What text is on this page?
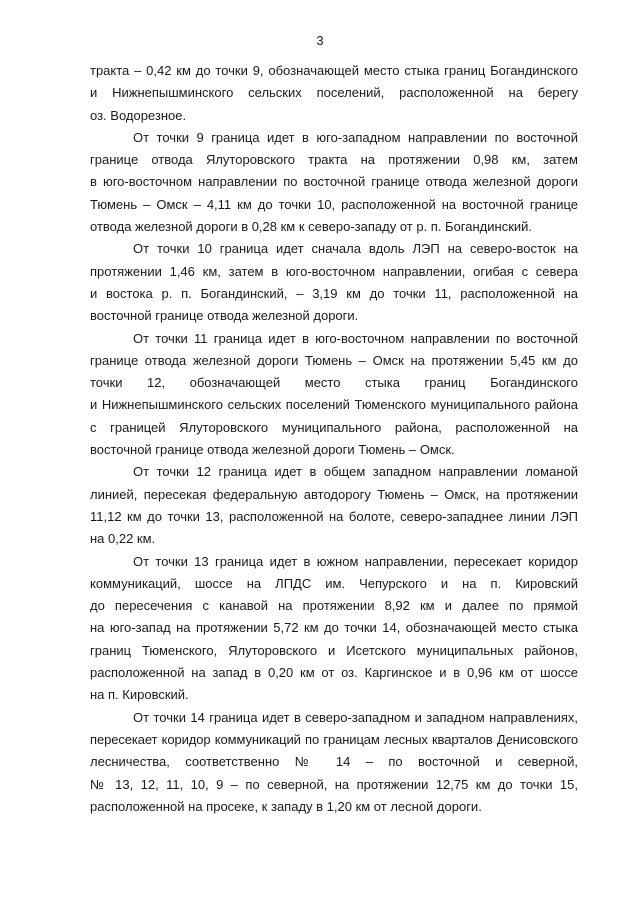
3
тракта – 0,42 км до точки 9, обозначающей место стыка границ Богандинского
и Нижнепышминского сельских поселений, расположенной на берегу
оз. Водорезное.
От точки 9 граница идет в юго-западном направлении по восточной
границе отвода Ялуторовского тракта на протяжении 0,98 км, затем
в юго-восточном направлении по восточной границе отвода железной дороги
Тюмень – Омск – 4,11 км до точки 10, расположенной на восточной границе
отвода железной дороги в 0,28 км к северо-западу от р. п. Богандинский.
От точки 10 граница идет сначала вдоль ЛЭП на северо-восток на
протяжении 1,46 км, затем в юго-восточном направлении, огибая с севера
и востока р. п. Богандинский, – 3,19 км до точки 11, расположенной на
восточной границе отвода железной дороги.
От точки 11 граница идет в юго-восточном направлении по восточной
границе отвода железной дороги Тюмень – Омск на протяжении 5,45 км до
точки 12, обозначающей место стыка границ Богандинского
и Нижнепышминского сельских поселений Тюменского муниципального района
с границей Ялуторовского муниципального района, расположенной на
восточной границе отвода железной дороги Тюмень – Омск.
От точки 12 граница идет в общем западном направлении ломаной
линией, пересекая федеральную автодорогу Тюмень – Омск, на протяжении
11,12 км до точки 13, расположенной на болоте, северо-западнее линии ЛЭП
на 0,22 км.
От точки 13 граница идет в южном направлении, пересекает коридор
коммуникаций, шоссе на ЛПДС им. Чепурского и на п. Кировский
до пересечения с канавой на протяжении 8,92 км и далее по прямой
на юго-запад на протяжении 5,72 км до точки 14, обозначающей место стыка
границ Тюменского, Ялуторовского и Исетского муниципальных районов,
расположенной на запад в 0,20 км от оз. Каргинское и в 0,96 км от шоссе
на п. Кировский.
От точки 14 граница идет в северо-западном и западном направлениях,
пересекает коридор коммуникаций по границам лесных кварталов Денисовского
лесничества, соответственно № 14 – по восточной и северной,
№ 13, 12, 11, 10, 9 – по северной, на протяжении 12,75 км до точки 15,
расположенной на просеке, к западу в 1,20 км от лесной дороги.
